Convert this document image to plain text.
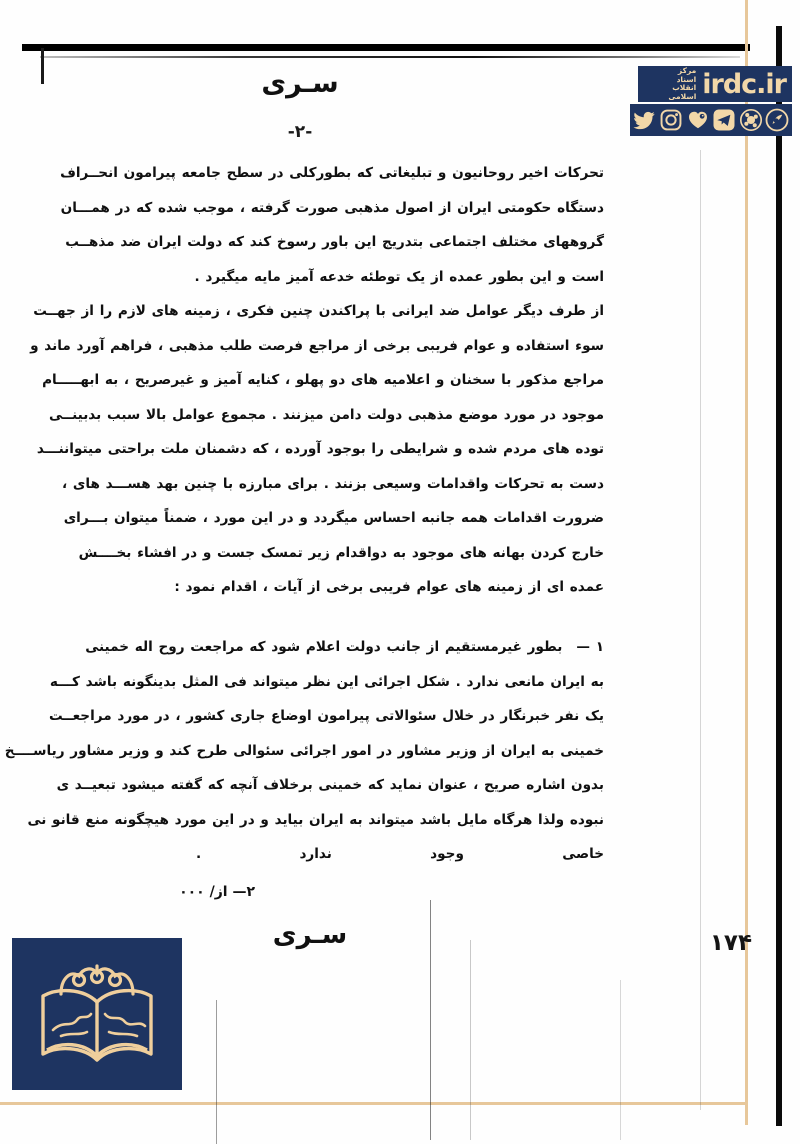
سـری
-۲-
تحرکات اخیر روحانیون و تبلیغاتی که بطورکلی در سطح جامعه پیرامون انحــراف
دستگاه حکومتی ایران از اصول مذهبی صورت گرفته ، موجب شده که در همـــان
گروههای مختلف اجتماعی بتدریج این باور رسوخ کند که دولت ایران ضد مذهــب
است و این بطور عمده از یک توطئه خدعه آمیز مایه میگیرد .
از طرف دیگر عوامل ضد ایرانی با پراکندن چنین فکری ، زمینه های لازم را از جهــت
سوء استفاده و عوام فریبی برخی از مراجع فرصت طلب مذهبی ، فراهم آورد ماند و
مراجع مذکور با سخنان و اعلامیه های دو پهلو ، کنایه آمیز و غیرصریح ، به ابهـــــام
موجود در مورد موضع مذهبی دولت دامن میزنند . مجموع عوامل بالا سبب بدبینــی
توده های مردم شده و شرایطی را بوجود آورده ، که دشمنان ملت براحتی میتواننـــد
دست به تحرکات واقدامات وسیعی بزنند . برای مبارزه با چنین بهد هســـد های ،
ضرورت اقدامات همه جانبه احساس میگردد و در این مورد ، ضمناً میتوان بـــرای
خارج کردن بهانه های موجود به دواقدام زیر تمسک جست و در افشاء بخــــش
عمده ای از زمینه های عوام فریبی برخی از آیات ، اقدام نمود :
۱ —
بطور غیرمستقیم از جانب دولت اعلام شود که مراجعت روح اله خمینی
به ایران مانعی ندارد . شکل اجرائی این نظر میتواند فی المثل بدینگونه باشد کـــه
یک نفر خبرنگار در خلال سئوالاتی پیرامون اوضاع جاری کشور ، در مورد مراجعــت
خمینی به ایران از وزیر مشاور در امور اجرائی سئوالی طرح کند و وزیر مشاور ریاســــخ
بدون اشاره صریح ، عنوان نماید که خمینی برخلاف آنچه که گفته میشود تبعیــد ی
نبوده ولذا هرگاه مایل باشد میتواند به ایران بیاید و در این مورد هیچگونه منع قانو نی
خاصی وجود ندارد .
۲— از/ ۰۰۰
سـری	۱۷۴
irdc.ir
مرکز
اسناد
انقلاب
اسلامی
